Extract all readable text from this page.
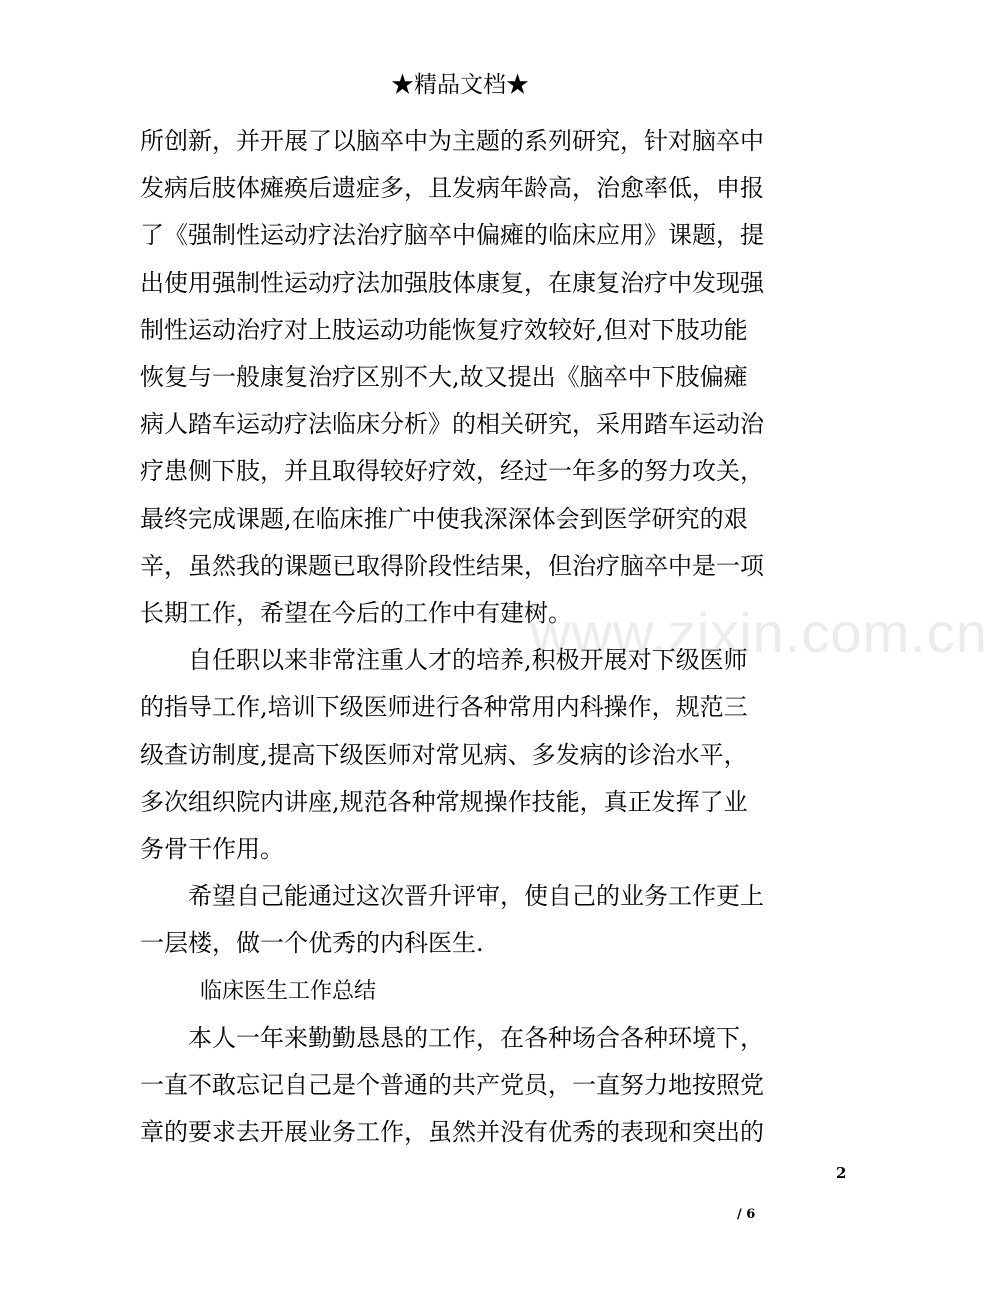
★精品文档★
www.zixin.com.cn

所创新，并开展了以脑卒中为主题的系列研究，针对脑卒中
发病后肢体瘫痪后遗症多，且发病年龄高，治愈率低，申报
了《强制性运动疗法治疗脑卒中偏瘫的临床应用》课题，提
出使用强制性运动疗法加强肢体康复，在康复治疗中发现强
制性运动治疗对上肢运动功能恢复疗效较好,但对下肢功能
恢复与一般康复治疗区别不大,故又提出《脑卒中下肢偏瘫
病人踏车运动疗法临床分析》的相关研究，采用踏车运动治
疗患侧下肢，并且取得较好疗效，经过一年多的努力攻关，
最终完成课题,在临床推广中使我深深体会到医学研究的艰
辛，虽然我的课题已取得阶段性结果，但治疗脑卒中是一项
长期工作，希望在今后的工作中有建树。

自任职以来非常注重人才的培养,积极开展对下级医师
的指导工作,培训下级医师进行各种常用内科操作，规范三
级查访制度,提高下级医师对常见病、多发病的诊治水平，
多次组织院内讲座,规范各种常规操作技能，真正发挥了业
务骨干作用。

希望自己能通过这次晋升评审，使自己的业务工作更上
一层楼，做一个优秀的内科医生.

临床医生工作总结

本人一年来勤勤恳恳的工作，在各种场合各种环境下，
一直不敢忘记自己是个普通的共产党员，一直努力地按照党
章的要求去开展业务工作，虽然并没有优秀的表现和突出的

2
/ 6
